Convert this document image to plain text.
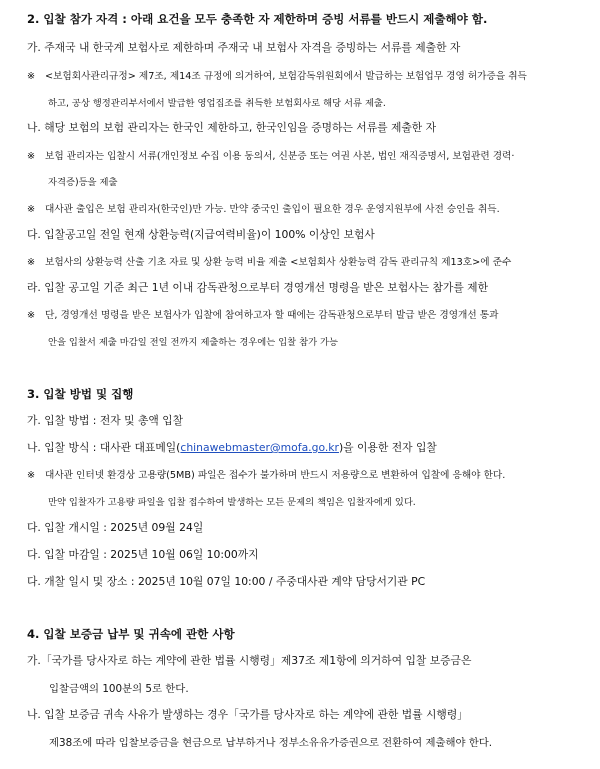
2. 입찰 참가 자격 : 아래 요건을 모두 충족한 자 제한하며 증빙 서류를 반드시 제출해야 함.
가. 주재국 내 한국계 보험사로 제한하며 주재국 내 보험사 자격을 증빙하는 서류를 제출한 자
※ <보험회사관리규정> 제7조, 제14조 규정에 의거하여, 보험감독위원회에서 발급하는 보험업무 경영 허가증을 취득
하고, 공상 행정관리부서에서 발급한 영업집조를 취득한 보험회사로 해당 서류 제출.
나. 해당 보험의 보험 관리자는 한국인 제한하고, 한국인임을 증명하는 서류를 제출한 자
※ 보험 관리자는 입찰시 서류(개인정보 수집 이용 동의서, 신분증 또는 여권 사본, 법인 재직증명서, 보험관련 경력·
자격증)등을 제출
※ 대사관 출입은 보험 관리자(한국인)만 가능. 만약 중국인 출입이 필요한 경우 운영지원부에 사전 승인을 취득.
다. 입찰공고일 전일 현재 상환능력(지급여력비율)이 100% 이상인 보험사
※ 보험사의 상환능력 산출 기초 자료 및 상환 능력 비율 제출 <보험회사 상환능력 감독 관리규칙 제13호>에 준수
라. 입찰 공고일 기준 최근 1년 이내 감독관청으로부터 경영개선 명령을 받은 보험사는 참가를 제한
※ 단, 경영개선 명령을 받은 보험사가 입찰에 참여하고자 할 때에는 감독관청으로부터 발급 받은 경영개선 통과
안을 입찰서 제출 마감일 전일 전까지 제출하는 경우에는 입찰 참가 가능
3. 입찰 방법 및 집행
가. 입찰 방법 : 전자 및 총액 입찰
나. 입찰 방식 : 대사관 대표메일(chinawebmaster@mofa.go.kr)을 이용한 전자 입찰
※ 대사관 인터넷 환경상 고용량(5MB) 파일은 접수가 불가하며 반드시 저용량으로 변환하여 입찰에 응해야 한다.
만약 입찰자가 고용량 파일을 입찰 접수하여 발생하는 모든 문제의 책임은 입찰자에게 있다.
다. 입찰 개시일 : 2025년 09월 24일
다. 입찰 마감일 : 2025년 10월 06일 10:00까지
다. 개찰 일시 및 장소 : 2025년 10월 07일 10:00 / 주중대사관 계약 담당서기관 PC
4. 입찰 보증금 납부 및 귀속에 관한 사항
가.「국가를 당사자로 하는 계약에 관한 법률 시행령」제37조 제1항에 의거하여 입찰 보증금은
입찰금액의 100분의 5로 한다.
나. 입찰 보증금 귀속 사유가 발생하는 경우「국가를 당사자로 하는 계약에 관한 법률 시행령」
제38조에 따라 입찰보증금을 현금으로 납부하거나 정부소유유가증권으로 전환하여 제출해야 한다.
